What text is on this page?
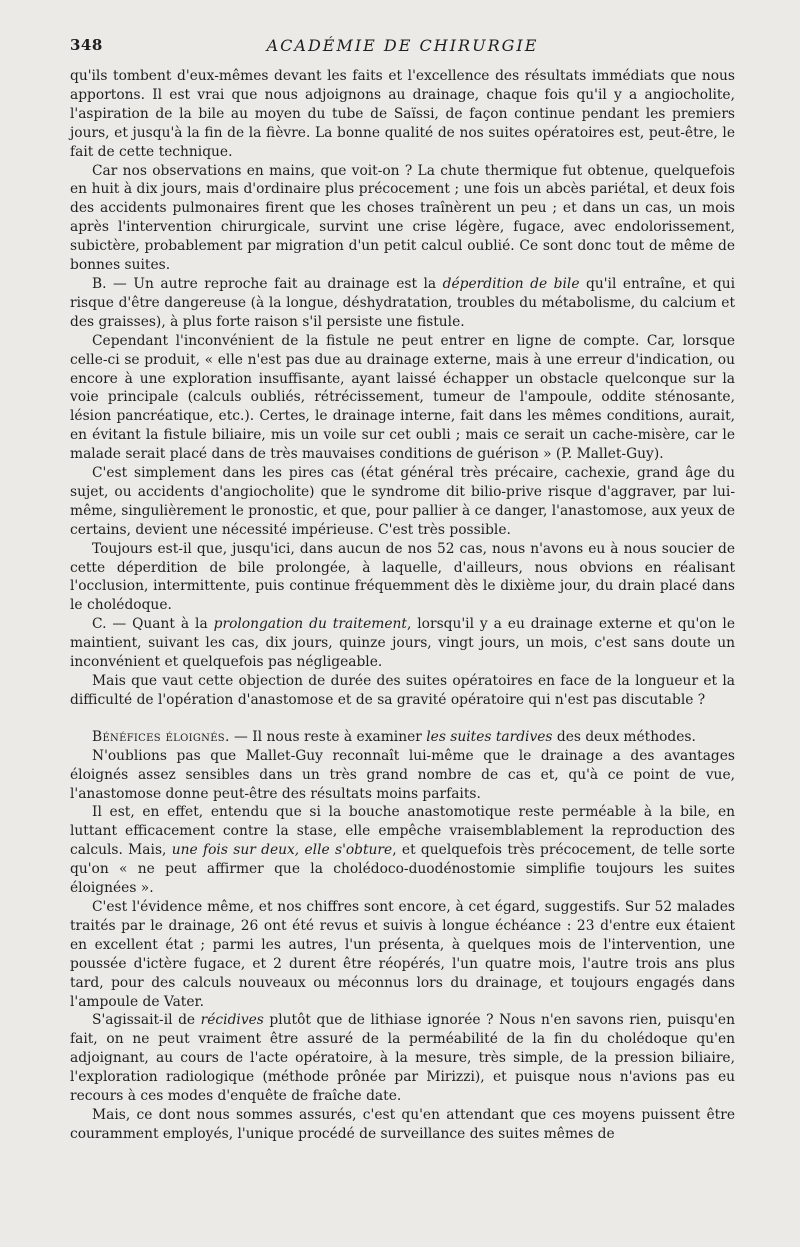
348	ACADÉMIE DE CHIRURGIE

qu'ils tombent d'eux-mêmes devant les faits et l'excellence des résultats immédiats que nous apportons. Il est vrai que nous adjoignons au drainage, chaque fois qu'il y a angiocholite, l'aspiration de la bile au moyen du tube de Saïssi, de façon continue pendant les premiers jours, et jusqu'à la fin de la fièvre. La bonne qualité de nos suites opératoires est, peut-être, le fait de cette technique.

Car nos observations en mains, que voit-on ? La chute thermique fut obtenue, quelquefois en huit à dix jours, mais d'ordinaire plus précocement ; une fois un abcès pariétal, et deux fois des accidents pulmonaires firent que les choses traînèrent un peu ; et dans un cas, un mois après l'intervention chirurgicale, survint une crise légère, fugace, avec endolorissement, subictère, probablement par migration d'un petit calcul oublié. Ce sont donc tout de même de bonnes suites.

B. — Un autre reproche fait au drainage est la déperdition de bile qu'il entraîne, et qui risque d'être dangereuse (à la longue, déshydratation, troubles du métabolisme, du calcium et des graisses), à plus forte raison s'il persiste une fistule.

Cependant l'inconvénient de la fistule ne peut entrer en ligne de compte. Car, lorsque celle-ci se produit, « elle n'est pas due au drainage externe, mais à une erreur d'indication, ou encore à une exploration insuffisante, ayant laissé échapper un obstacle quelconque sur la voie principale (calculs oubliés, rétrécissement, tumeur de l'ampoule, oddite sténosante, lésion pancréatique, etc.). Certes, le drainage interne, fait dans les mêmes conditions, aurait, en évitant la fistule biliaire, mis un voile sur cet oubli ; mais ce serait un cache-misère, car le malade serait placé dans de très mauvaises conditions de guérison » (P. Mallet-Guy).

C'est simplement dans les pires cas (état général très précaire, cachexie, grand âge du sujet, ou accidents d'angiocholite) que le syndrome dit bilio-prive risque d'aggraver, par lui-même, singulièrement le pronostic, et que, pour pallier à ce danger, l'anastomose, aux yeux de certains, devient une nécessité impérieuse. C'est très possible.

Toujours est-il que, jusqu'ici, dans aucun de nos 52 cas, nous n'avons eu à nous soucier de cette déperdition de bile prolongée, à laquelle, d'ailleurs, nous obvions en réalisant l'occlusion, intermittente, puis continue fréquemment dès le dixième jour, du drain placé dans le cholédoque.

C. — Quant à la prolongation du traitement, lorsqu'il y a eu drainage externe et qu'on le maintient, suivant les cas, dix jours, quinze jours, vingt jours, un mois, c'est sans doute un inconvénient et quelquefois pas négligeable.

Mais que vaut cette objection de durée des suites opératoires en face de la longueur et la difficulté de l'opération d'anastomose et de sa gravité opératoire qui n'est pas discutable ?

Bénéfices éloignés. — Il nous reste à examiner les suites tardives des deux méthodes.

N'oublions pas que Mallet-Guy reconnaît lui-même que le drainage a des avantages éloignés assez sensibles dans un très grand nombre de cas et, qu'à ce point de vue, l'anastomose donne peut-être des résultats moins parfaits.

Il est, en effet, entendu que si la bouche anastomotique reste perméable à la bile, en luttant efficacement contre la stase, elle empêche vraisemblablement la reproduction des calculs. Mais, une fois sur deux, elle s'obture, et quelquefois très précocement, de telle sorte qu'on « ne peut affirmer que la cholédoco-duodénostomie simplifie toujours les suites éloignées ».

C'est l'évidence même, et nos chiffres sont encore, à cet égard, suggestifs. Sur 52 malades traités par le drainage, 26 ont été revus et suivis à longue échéance : 23 d'entre eux étaient en excellent état ; parmi les autres, l'un présenta, à quelques mois de l'intervention, une poussée d'ictère fugace, et 2 durent être réopérés, l'un quatre mois, l'autre trois ans plus tard, pour des calculs nouveaux ou méconnus lors du drainage, et toujours engagés dans l'ampoule de Vater.

S'agissait-il de récidives plutôt que de lithiase ignorée ? Nous n'en savons rien, puisqu'en fait, on ne peut vraiment être assuré de la perméabilité de la fin du cholédoque qu'en adjoignant, au cours de l'acte opératoire, à la mesure, très simple, de la pression biliaire, l'exploration radiologique (méthode prônée par Mirizzi), et puisque nous n'avions pas eu recours à ces modes d'enquête de fraîche date.

Mais, ce dont nous sommes assurés, c'est qu'en attendant que ces moyens puissent être couramment employés, l'unique procédé de surveillance des suites mêmes de
